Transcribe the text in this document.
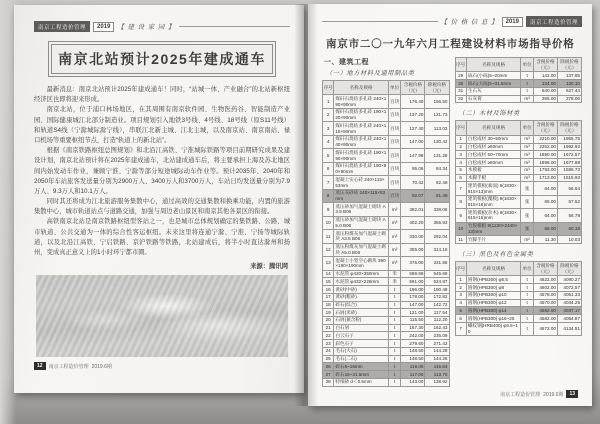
南京工程造价管理	2019	【 建 设 家 园 】
南京北站预计2025年建成通车

最新消息：南京北站预计2025年建成通车！同时，“站城一体、产业融合”的北站新枢纽经济区也即将迎来形成。

南京北站，位于浦口林场地区，在其周围有南京软件园、生物医药谷、智能制造产业园、国际健康城江北部分制造业。项目规划引入地铁3号线、4号线、18号线（原S11号线）和轨道S4线（宁滁城际滁宁线），串联江北新主城、江北主城，以及南京站、南京南站、禄口机场等重要枢纽节点，打造“轨道上的新北站”。

根据《南京铁路枢纽总图规划》和北沿江高铁、宁淮城际铁路等项目前期研究成果及建设计划，南京北站预计将在2025年建成通车，北站建成通车后，将主要承担上海及苏北地区间内始发动车作业，兼顾宁淮、宁滁等部分短途城际动车作业等。预计2035年、2040年和2050年车站旅客发送量分别为2900万人、3400万人和3700万人，车站日均发送量分别为7.9万人、9.3万人和10.1万人。

同时其还将成为江北旅游服务集散中心，通过高效的交通集散和换乘功能，内置的旅游集散中心，城市轨道站点与道路交通，加强与周边老山景区和南京其他各景区的衔接。

高铁南京北站是南京铁路枢纽型客站之一，也是城市总体规划确定的集铁路、公路、城市轨道、公共交通为一体的综合性客运枢纽。未来这里将连通宁滁、宁淮、宁扬等城际轨道，以及北沿江高铁、宁启铁路、京沪铁路等铁路，北站建成后，将半小时直达滁州和扬州，变成真正意义上的1小时环宁都市圈。

来源：腾讯网
12	南京工程造价管理 2019.6期
【 价 格 信 息 】	2019	南京工程造价管理
南京市二〇一九年六月工程建设材料市场指导价格
一、建筑工程
（一）地方材料及通用制品类
序号	名称及规格	单位	含税价格（元）	除税价格（元）
1	煤矸石烧结多孔砖 240×190×90mm	百块	176.40	156.50
2	煤矸石烧结多孔砖 190×120×90mm	百块	137.20	121.73
3	煤矸石烧结多孔砖 240×115×90mm	百块	127.40	113.03
4	煤矸石烧结多孔砖 240×140×90mm	百块	147.00	130.42
5	煤矸石烧结多孔砖 190×190×90mm	百块	147.98	131.28
6	煤矸石烧结多孔砖 190×90×90mm	百块	95.06	84.34
7	混凝土实心砖 240×115×53mm	百块	70.42	62.48
8	蒸压灰砂砖 240×115×53mm	百块	92.07	81.48
9	蒸压砂加气混凝土砌块 A3.5 B06	m³	382.01	338.06
10	蒸压砂加气混凝土砌块 A5.0 B06	m³	402.20	355.93
11	蒸压粉煤灰加气混凝土砌块 A3.5 B06	m³	330.00	292.04
12	蒸压粉煤灰加气混凝土砌块 A5.0 B06	m³	355.00	314.16
13	混凝土小型空心砌块 390×190×190mm	m³	375.00	331.86
14	水泥管 φ420×350mm	米	589.68	545.69
15	水泥管 φ432×226mm	米	591.00	524.87
16	黄砂(中砂)	t	196.00	190.48
17	黄砂(粗砂)	t	178.00	172.82
18	碎石(综合)	t	147.00	142.72
19	石屑(米砂)	t	121.00	117.54
20	石屑(兼含粉)	t	115.50	112.20
21	白石屑	t	167.30	162.43
22	白云石子	t	242.00	235.09
23	彩色石子	t	279.60	271.42
24	毛石(大石)	t	148.50	144.28
25	毛石(二石)	t	148.50	144.26
26	碎石5~16mm	t	119.00	115.63
27	碎石16~31.5mm	t	117.00	113.70
28	特细砂 d＜0.5mm	t	143.00	138.92
序号	名称及规格	单位	含税价格（元）	除税价格（元）
29	砾石(小砾)5~20mm	t	142.00	137.85
30	砾石(大砾)5~31.5mm	t	134.00	130.10
31	生石灰	t	640.00	627.44
32	石灰膏	m³	285.00	278.06
（二）木材及饰材类
序号	名称及规格	单位	含税价格（元）	除税价格（元）
1	白松成材 30~50mm	m³	2210.00	1955.75
2	白松成材 ≥60mm	m³	2252.00	1992.92
3	白松成材 50~70mm	m³	1890.00	1672.57
4	白松成材 ≥80mm	m³	1896.00	1677.88
5	木模板	m³	1793.00	1586.73
6	木脚手板	m³	1713.00	1515.93
7	建筑模板(素面) 9(1830×915×13)mm	张	64.00	56.64
8	建筑模板(覆膜) 9(1830×915×18)mm	张	65.00	57.52
9	建筑模板(杂木) 9(1830×915×15)mm	张	64.00	56.78
10	竹胶模板 9(1220×2440×13)mm	张	68.00	60.18
11	竹脚手片	m²	11.30	10.03
（三）黑色及有色金属类
序号	名称及规格	单位	含税价格（元）	除税价格（元）
1	圆钢(HPB300) φ6.5	t	4622.00	4090.27
2	圆钢(HPB300) φ8	t	4602.00	4072.57
3	圆钢(HPB300) φ10	t	4578.00	4051.33
4	圆钢(HPB300) φ12	t	4570.00	4044.25
5	圆钢(HPB300) φ14	t	4562.00	4037.17
6	圆钢(HPB300) φ16~25	t	4582.00	4054.87
7	螺纹钢(HRB400) φ6.5~10	t	4672.00	4134.51
南京工程造价管理 2019.6期	13
